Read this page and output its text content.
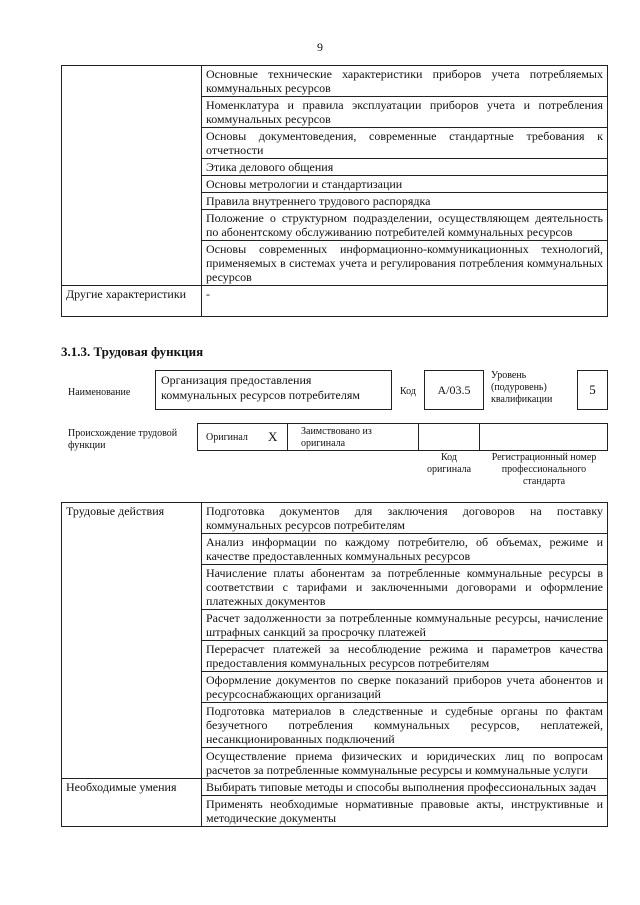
9
	Основные технические характеристики приборов учета потребляемых коммунальных ресурсов
	Номенклатура и правила эксплуатации приборов учета и потребления коммунальных ресурсов
	Основы документоведения, современные стандартные требования к отчетности
	Этика делового общения
	Основы метрологии и стандартизации
	Правила внутреннего трудового распорядка
	Положение о структурном подразделении, осуществляющем деятельность по абонентскому обслуживанию потребителей коммунальных ресурсов
	Основы современных информационно-коммуникационных технологий, применяемых в системах учета и регулирования потребления коммунальных ресурсов
Другие характеристики	-
3.1.3. Трудовая функция
Наименование
Организация предоставления коммунальных ресурсов потребителям	Код	А/03.5
Уровень (подуровень) квалификации
5
Происхождение трудовой функции
Оригинал X Заимствовано из оригинала
Код оригинала
Регистрационный номер профессионального стандарта
Трудовые действия	Подготовка документов для заключения договоров на поставку коммунальных ресурсов потребителям
	Анализ информации по каждому потребителю, об объемах, режиме и качестве предоставленных коммунальных ресурсов
	Начисление платы абонентам за потребленные коммунальные ресурсы в соответствии с тарифами и заключенными договорами и оформление платежных документов
	Расчет задолженности за потребленные коммунальные ресурсы, начисление штрафных санкций за просрочку платежей
	Перерасчет платежей за несоблюдение режима и параметров качества предоставления коммунальных ресурсов потребителям
	Оформление документов по сверке показаний приборов учета абонентов и ресурсоснабжающих организаций
	Подготовка материалов в следственные и судебные органы по фактам безучетного потребления коммунальных ресурсов, неплатежей, несанкционированных подключений
	Осуществление приема физических и юридических лиц по вопросам расчетов за потребленные коммунальные ресурсы и коммунальные услуги
Необходимые умения	Выбирать типовые методы и способы выполнения профессиональных задач
	Применять необходимые нормативные правовые акты, инструктивные и методические документы
